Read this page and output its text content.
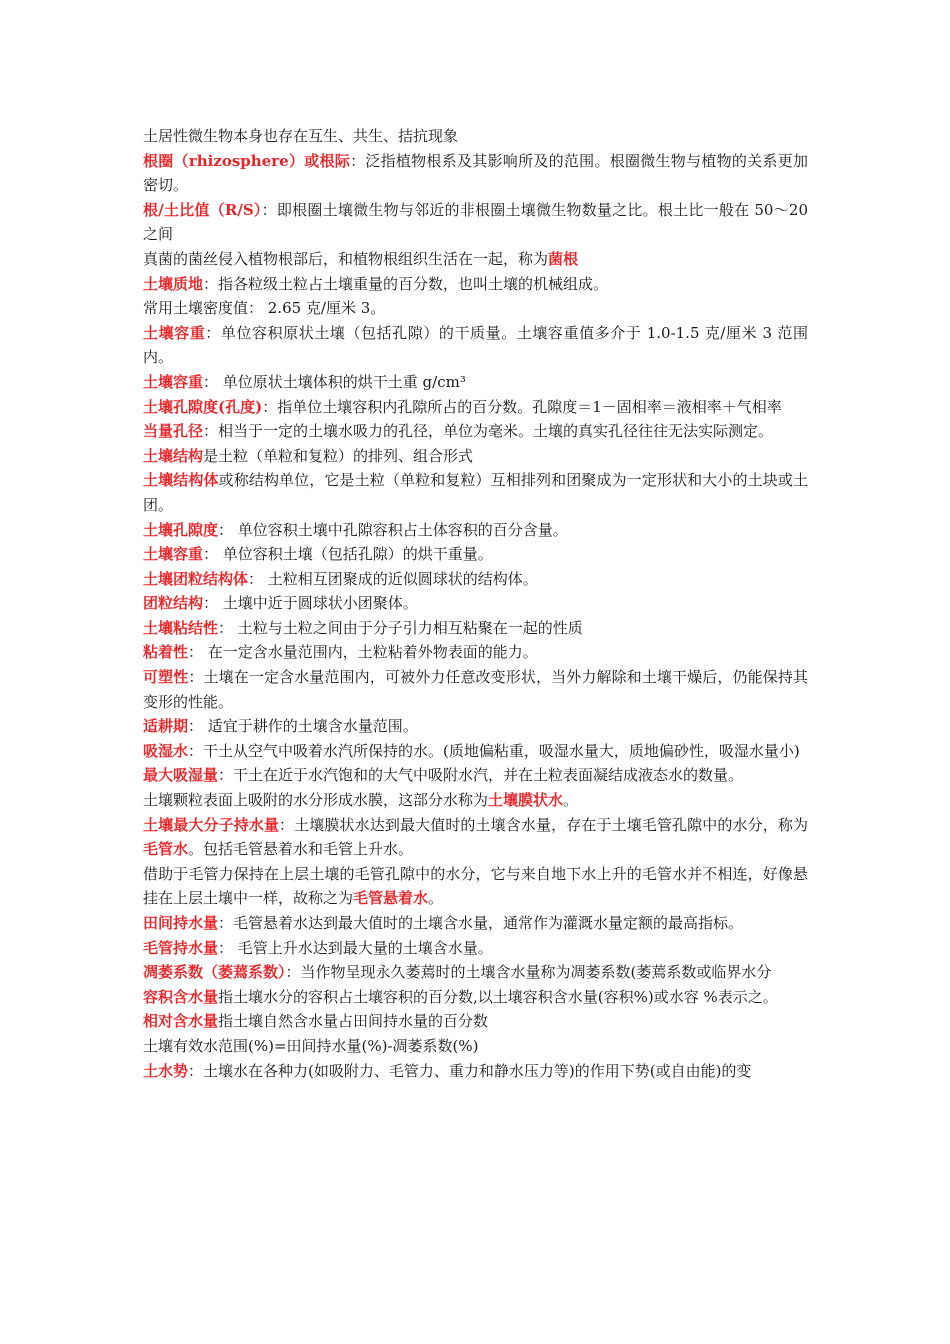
土居性微生物本身也存在互生、共生、拮抗现象

根圈（rhizosphere）或根际：泛指植物根系及其影响所及的范围。根圈微生物与植物的关系更加密切。

根/土比值（R/S）：即根圈土壤微生物与邻近的非根圈土壤微生物数量之比。根土比一般在 50～20 之间

真菌的菌丝侵入植物根部后，和植物根组织生活在一起，称为菌根

土壤质地：指各粒级土粒占土壤重量的百分数，也叫土壤的机械组成。

常用土壤密度值： 2.65 克/厘米 3。

土壤容重：单位容积原状土壤（包括孔隙）的干质量。土壤容重值多介于 1.0-1.5 克/厘米 3 范围内。

土壤容重： 单位原状土壤体积的烘干土重 g/cm³

土壤孔隙度(孔度)：指单位土壤容积内孔隙所占的百分数。孔隙度＝1－固相率＝液相率＋气相率

当量孔径：相当于一定的土壤水吸力的孔径，单位为毫米。土壤的真实孔径往往无法实际测定。

土壤结构是土粒（单粒和复粒）的排列、组合形式

土壤结构体或称结构单位，它是土粒（单粒和复粒）互相排列和团聚成为一定形状和大小的土块或土团。

土壤孔隙度： 单位容积土壤中孔隙容积占土体容积的百分含量。

土壤容重： 单位容积土壤（包括孔隙）的烘干重量。

土壤团粒结构体： 土粒相互团聚成的近似圆球状的结构体。

团粒结构： 土壤中近于圆球状小团聚体。

土壤粘结性： 土粒与土粒之间由于分子引力相互粘聚在一起的性质

粘着性： 在一定含水量范围内，土粒粘着外物表面的能力。

可塑性：土壤在一定含水量范围内，可被外力任意改变形状，当外力解除和土壤干燥后，仍能保持其变形的性能。

适耕期： 适宜于耕作的土壤含水量范围。

吸湿水：干土从空气中吸着水汽所保持的水。(质地偏粘重，吸湿水量大，质地偏砂性，吸湿水量小)

最大吸湿量：干土在近于水汽饱和的大气中吸附水汽，并在土粒表面凝结成液态水的数量。

土壤颗粒表面上吸附的水分形成水膜，这部分水称为土壤膜状水。

土壤最大分子持水量：土壤膜状水达到最大值时的土壤含水量，存在于土壤毛管孔隙中的水分，称为毛管水。包括毛管悬着水和毛管上升水。

借助于毛管力保持在上层土壤的毛管孔隙中的水分，它与来自地下水上升的毛管水并不相连，好像悬挂在上层土壤中一样，故称之为毛管悬着水。

田间持水量：毛管悬着水达到最大值时的土壤含水量，通常作为灌溉水量定额的最高指标。

毛管持水量： 毛管上升水达到最大量的土壤含水量。

凋萎系数（萎蔫系数）：当作物呈现永久萎蔫时的土壤含水量称为凋萎系数(萎蔫系数或临界水分

容积含水量指土壤水分的容积占土壤容积的百分数,以土壤容积含水量(容积%)或水容 %表示之。

相对含水量指土壤自然含水量占田间持水量的百分数

土壤有效水范围(%)=田间持水量(%)-凋萎系数(%)

土水势：土壤水在各种力(如吸附力、毛管力、重力和静水压力等)的作用下势(或自由能)的变
